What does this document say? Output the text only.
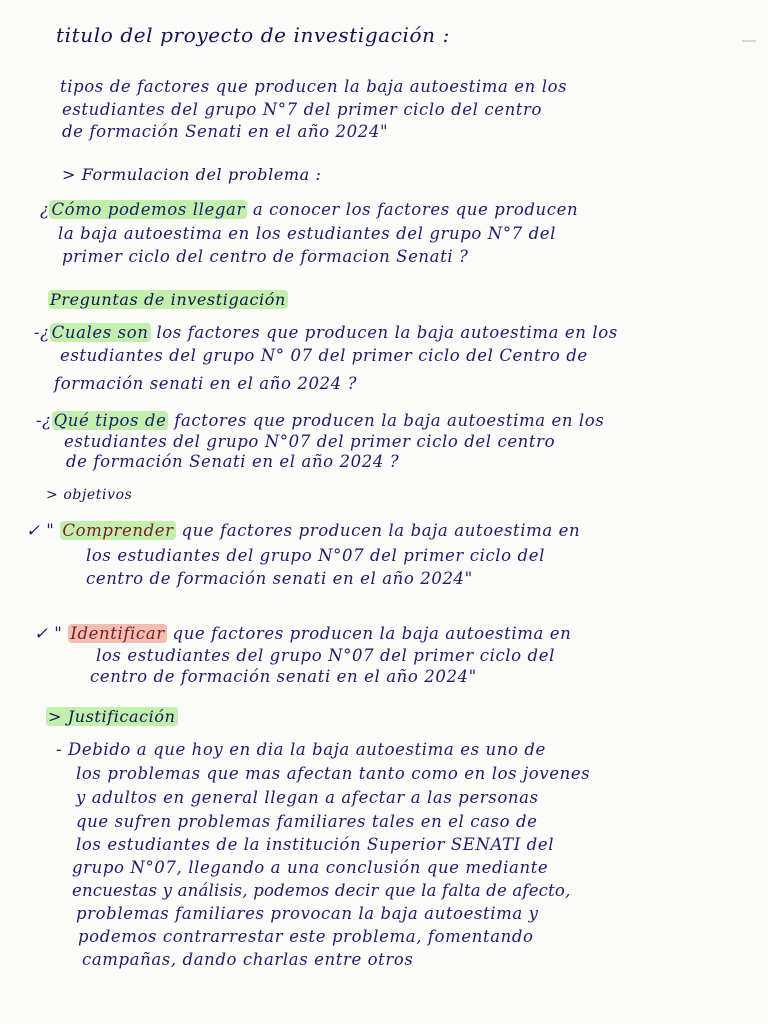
titulo del proyecto de investigación :
tipos de factores que producen la baja autoestima en los
estudiantes del grupo N°7 del primer ciclo del centro
de formación Senati en el año 2024"
> Formulacion del problema :
¿ Cómo podemos llegar a conocer los factores que producen
la baja autoestima en los estudiantes del grupo N°7 del
primer ciclo del centro de formacion Senati ?
Preguntas de investigación
-¿ Cuales son los factores que producen la baja autoestima en los
estudiantes del grupo N° 07 del primer ciclo del Centro de
formación senati en el año 2024 ?
-¿ Qué tipos de factores que producen la baja autoestima en los
estudiantes del grupo N°07 del primer ciclo del centro
de formación Senati en el año 2024 ?
> objetivos
✓ " Comprender que factores producen la baja autoestima en
los estudiantes del grupo N°07 del primer ciclo del
centro de formación senati en el año 2024"
✓ " Identificar que factores producen la baja autoestima en
los estudiantes del grupo N°07 del primer ciclo del
centro de formación senati en el año 2024"
> Justificación
- Debido a que hoy en dia la baja autoestima es uno de
los problemas que mas afectan tanto como en los jovenes
y adultos en general llegan a afectar a las personas
que sufren problemas familiares tales en el caso de
los estudiantes de la institución Superior SENATI del
grupo N°07, llegando a una conclusión que mediante
encuestas y análisis, podemos decir que la falta de afecto,
problemas familiares provocan la baja autoestima y
podemos contrarrestar este problema, fomentando
campañas, dando charlas entre otros
